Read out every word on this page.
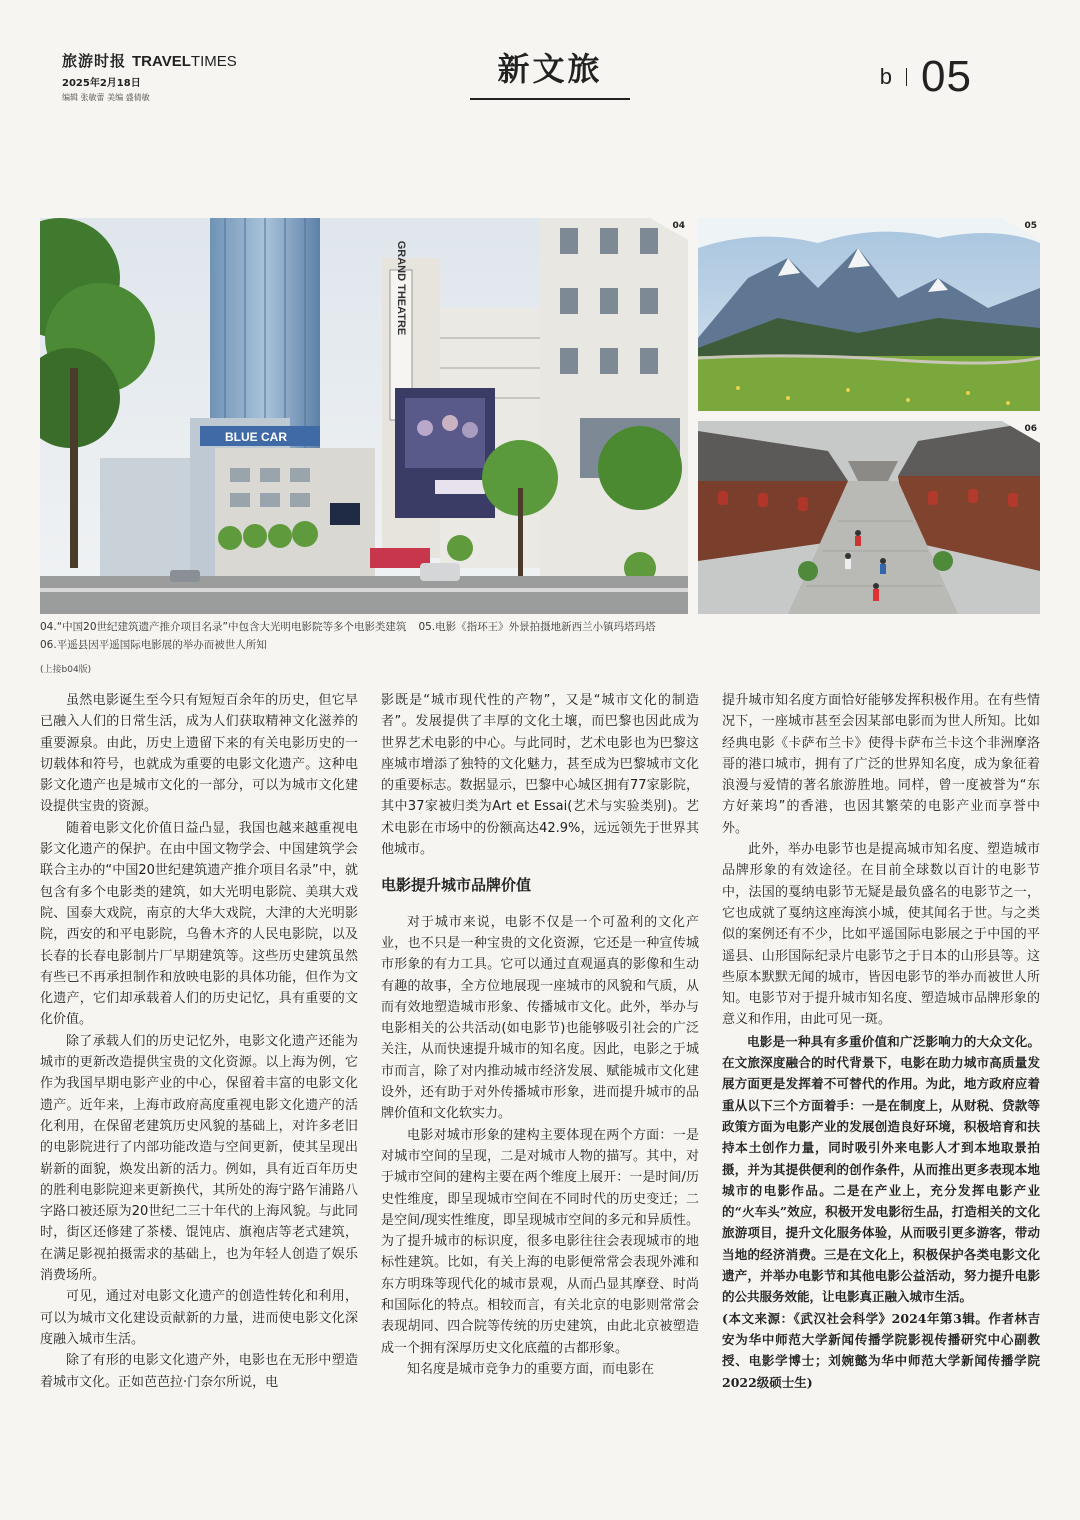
旅游时报 TRAVEL TIMES
2025年2月18日
编辑 张敏蕾 美编 盛倩敏
新文旅	b 05
BLUE CAR
GRAND THEATRE
04	05
06
04.“中国20世纪建筑遗产推介项目名录”中包含大光明电影院等多个电影类建筑 05.电影《指环王》外景拍摄地新西兰小镇玛塔玛塔
06.平遥县因平遥国际电影展的举办而被世人所知
(上接b04版)

虽然电影诞生至今只有短短百余年的历史，但它早已融入人们的日常生活，成为人们获取精神文化滋养的重要源泉。由此，历史上遗留下来的有关电影历史的一切载体和符号，也就成为重要的电影文化遗产。这种电影文化遗产也是城市文化的一部分，可以为城市文化建设提供宝贵的资源。

随着电影文化价值日益凸显，我国也越来越重视电影文化遗产的保护。在由中国文物学会、中国建筑学会联合主办的“中国20世纪建筑遗产推介项目名录”中，就包含有多个电影类的建筑，如大光明电影院、美琪大戏院、国泰大戏院，南京的大华大戏院，大津的大光明影院，西安的和平电影院，乌鲁木齐的人民电影院，以及长春的长春电影制片厂早期建筑等。这些历史建筑虽然有些已不再承担制作和放映电影的具体功能，但作为文化遗产，它们却承载着人们的历史记忆，具有重要的文化价值。

除了承载人们的历史记忆外，电影文化遗产还能为城市的更新改造提供宝贵的文化资源。以上海为例，它作为我国早期电影产业的中心，保留着丰富的电影文化遗产。近年来，上海市政府高度重视电影文化遗产的活化利用，在保留老建筑历史风貌的基础上，对许多老旧的电影院进行了内部功能改造与空间更新，使其呈现出崭新的面貌，焕发出新的活力。例如，具有近百年历史的胜利电影院迎来更新换代，其所处的海宁路乍浦路八字路口被还原为20世纪二三十年代的上海风貌。与此同时，街区还修建了茶楼、馄饨店、旗袍店等老式建筑，在满足影视拍摄需求的基础上，也为年轻人创造了娱乐消费场所。

可见，通过对电影文化遗产的创造性转化和利用，可以为城市文化建设贡献新的力量，进而使电影文化深度融入城市生活。

除了有形的电影文化遗产外，电影也在无形中塑造着城市文化。正如芭芭拉·门奈尔所说，电

影既是“城市现代性的产物”，又是“城市文化的制造者”。发展提供了丰厚的文化土壤，而巴黎也因此成为世界艺术电影的中心。与此同时，艺术电影也为巴黎这座城市增添了独特的文化魅力，甚至成为巴黎城市文化的重要标志。数据显示，巴黎中心城区拥有77家影院，其中37家被归类为Art et Essai(艺术与实验类别)。艺术电影在市场中的份额高达42.9%，远远领先于世界其他城市。

电影提升城市品牌价值

对于城市来说，电影不仅是一个可盈利的文化产业，也不只是一种宝贵的文化资源，它还是一种宣传城市形象的有力工具。它可以通过直观逼真的影像和生动有趣的故事，全方位地展现一座城市的风貌和气质，从而有效地塑造城市形象、传播城市文化。此外，举办与电影相关的公共活动(如电影节)也能够吸引社会的广泛关注，从而快速提升城市的知名度。因此，电影之于城市而言，除了对内推动城市经济发展、赋能城市文化建设外，还有助于对外传播城市形象，进而提升城市的品牌价值和文化软实力。

电影对城市形象的建构主要体现在两个方面：一是对城市空间的呈现，二是对城市人物的描写。其中，对于城市空间的建构主要在两个维度上展开：一是时间/历史性维度，即呈现城市空间在不同时代的历史变迁；二是空间/现实性维度，即呈现城市空间的多元和异质性。为了提升城市的标识度，很多电影往往会表现城市的地标性建筑。比如，有关上海的电影便常常会表现外滩和东方明珠等现代化的城市景观，从而凸显其摩登、时尚和国际化的特点。相较而言，有关北京的电影则常常会表现胡同、四合院等传统的历史建筑，由此北京被塑造成一个拥有深厚历史文化底蕴的古都形象。

知名度是城市竞争力的重要方面，而电影在

提升城市知名度方面恰好能够发挥积极作用。在有些情况下，一座城市甚至会因某部电影而为世人所知。比如经典电影《卡萨布兰卡》使得卡萨布兰卡这个非洲摩洛哥的港口城市，拥有了广泛的世界知名度，成为象征着浪漫与爱情的著名旅游胜地。同样，曾一度被誉为“东方好莱坞”的香港，也因其繁荣的电影产业而享誉中外。

此外，举办电影节也是提高城市知名度、塑造城市品牌形象的有效途径。在目前全球数以百计的电影节中，法国的戛纳电影节无疑是最负盛名的电影节之一，它也成就了戛纳这座海滨小城，使其闻名于世。与之类似的案例还有不少，比如平遥国际电影展之于中国的平遥县、山形国际纪录片电影节之于日本的山形县等。这些原本默默无闻的城市，皆因电影节的举办而被世人所知。电影节对于提升城市知名度、塑造城市品牌形象的意义和作用，由此可见一斑。

电影是一种具有多重价值和广泛影响力的大众文化。在文旅深度融合的时代背景下，电影在助力城市高质量发展方面更是发挥着不可替代的作用。为此，地方政府应着重从以下三个方面着手：一是在制度上，从财税、贷款等政策方面为电影产业的发展创造良好环境，积极培育和扶持本土创作力量，同时吸引外来电影人才到本地取景拍摄，并为其提供便利的创作条件，从而推出更多表现本地城市的电影作品。二是在产业上，充分发挥电影产业的“火车头”效应，积极开发电影衍生品，打造相关的文化旅游项目，提升文化服务体验，从而吸引更多游客，带动当地的经济消费。三是在文化上，积极保护各类电影文化遗产，并举办电影节和其他电影公益活动，努力提升电影的公共服务效能，让电影真正融入城市生活。

(本文来源：《武汉社会科学》2024年第3辑。作者林吉安为华中师范大学新闻传播学院影视传播研究中心副教授、电影学博士；刘婉懿为华中师范大学新闻传播学院2022级硕士生)
